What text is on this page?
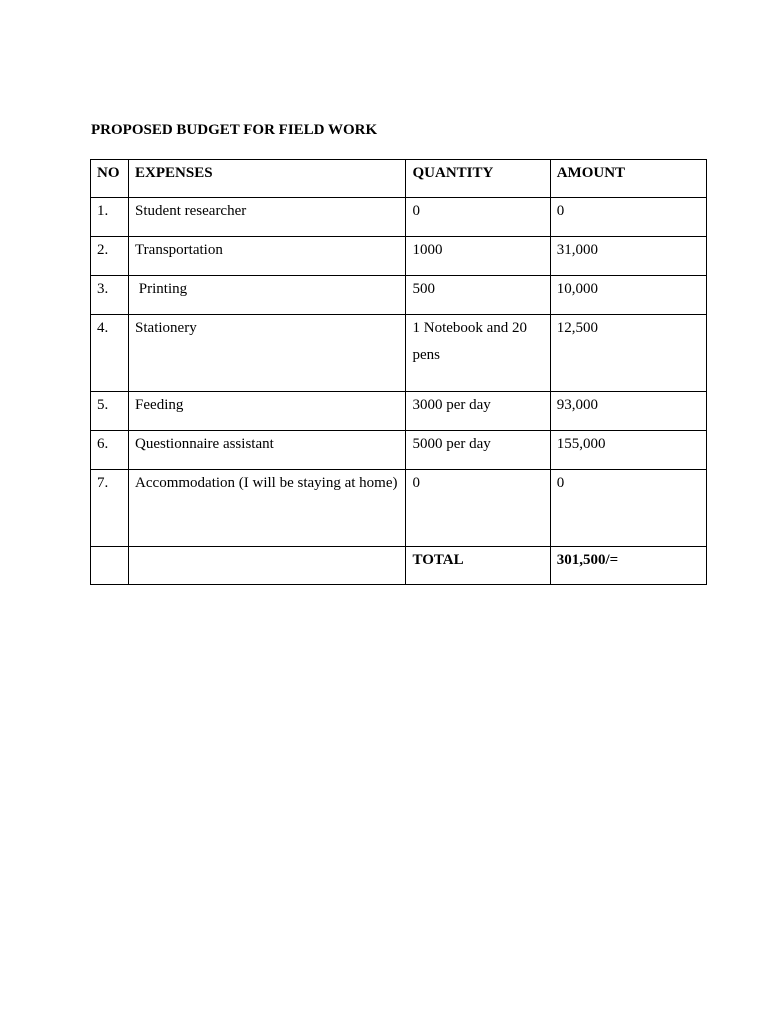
PROPOSED BUDGET FOR FIELD WORK
NO	EXPENSES	QUANTITY	AMOUNT
1.	Student researcher	0	0
2.	Transportation	1000	31,000
3.	Printing	500	10,000
4.	Stationery	1 Notebook and 20 pens	12,500
5.	Feeding	3000 per day	93,000
6.	Questionnaire assistant	5000 per day	155,000
7.	Accommodation (I will be staying at home)	0	0
		TOTAL	301,500/=
